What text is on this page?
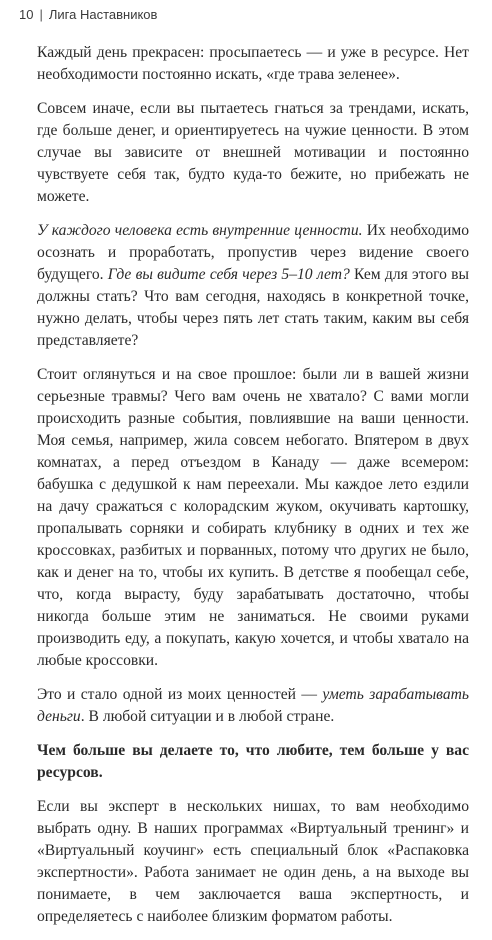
10 | Лига Наставников

Каждый день прекрасен: просыпаетесь — и уже в ресурсе. Нет необходимости постоянно искать, «где трава зеленее».

Совсем иначе, если вы пытаетесь гнаться за трендами, искать, где больше денег, и ориентируетесь на чужие ценности. В этом случае вы зависите от внешней мотивации и постоянно чувствуете себя так, будто куда-то бежите, но прибежать не можете.

У каждого человека есть внутренние ценности. Их необходимо осознать и проработать, пропустив через видение своего будущего. Где вы видите себя через 5–10 лет? Кем для этого вы должны стать? Что вам сегодня, находясь в конкретной точке, нужно делать, чтобы через пять лет стать таким, каким вы себя представляете?

Стоит оглянуться и на свое прошлое: были ли в вашей жизни серьезные травмы? Чего вам очень не хватало? С вами могли происходить разные события, повлиявшие на ваши ценности. Моя семья, например, жила совсем небогато. Впятером в двух комнатах, а перед отъездом в Канаду — даже всемером: бабушка с дедушкой к нам переехали. Мы каждое лето ездили на дачу сражаться с колорадским жуком, окучивать картошку, пропалывать сорняки и собирать клубнику в одних и тех же кроссовках, разбитых и порванных, потому что других не было, как и денег на то, чтобы их купить. В детстве я пообещал себе, что, когда вырасту, буду зарабатывать достаточно, чтобы никогда больше этим не заниматься. Не своими руками производить еду, а покупать, какую хочется, и чтобы хватало на любые кроссовки.

Это и стало одной из моих ценностей — уметь зарабатывать деньги. В любой ситуации и в любой стране.

Чем больше вы делаете то, что любите, тем больше у вас ресурсов.

Если вы эксперт в нескольких нишах, то вам необходимо выбрать одну. В наших программах «Виртуальный тренинг» и «Виртуальный коучинг» есть специальный блок «Распаковка экспертности». Работа занимает не один день, а на выходе вы понимаете, в чем заключается ваша экспертность, и определяетесь с наиболее близким форматом работы.
